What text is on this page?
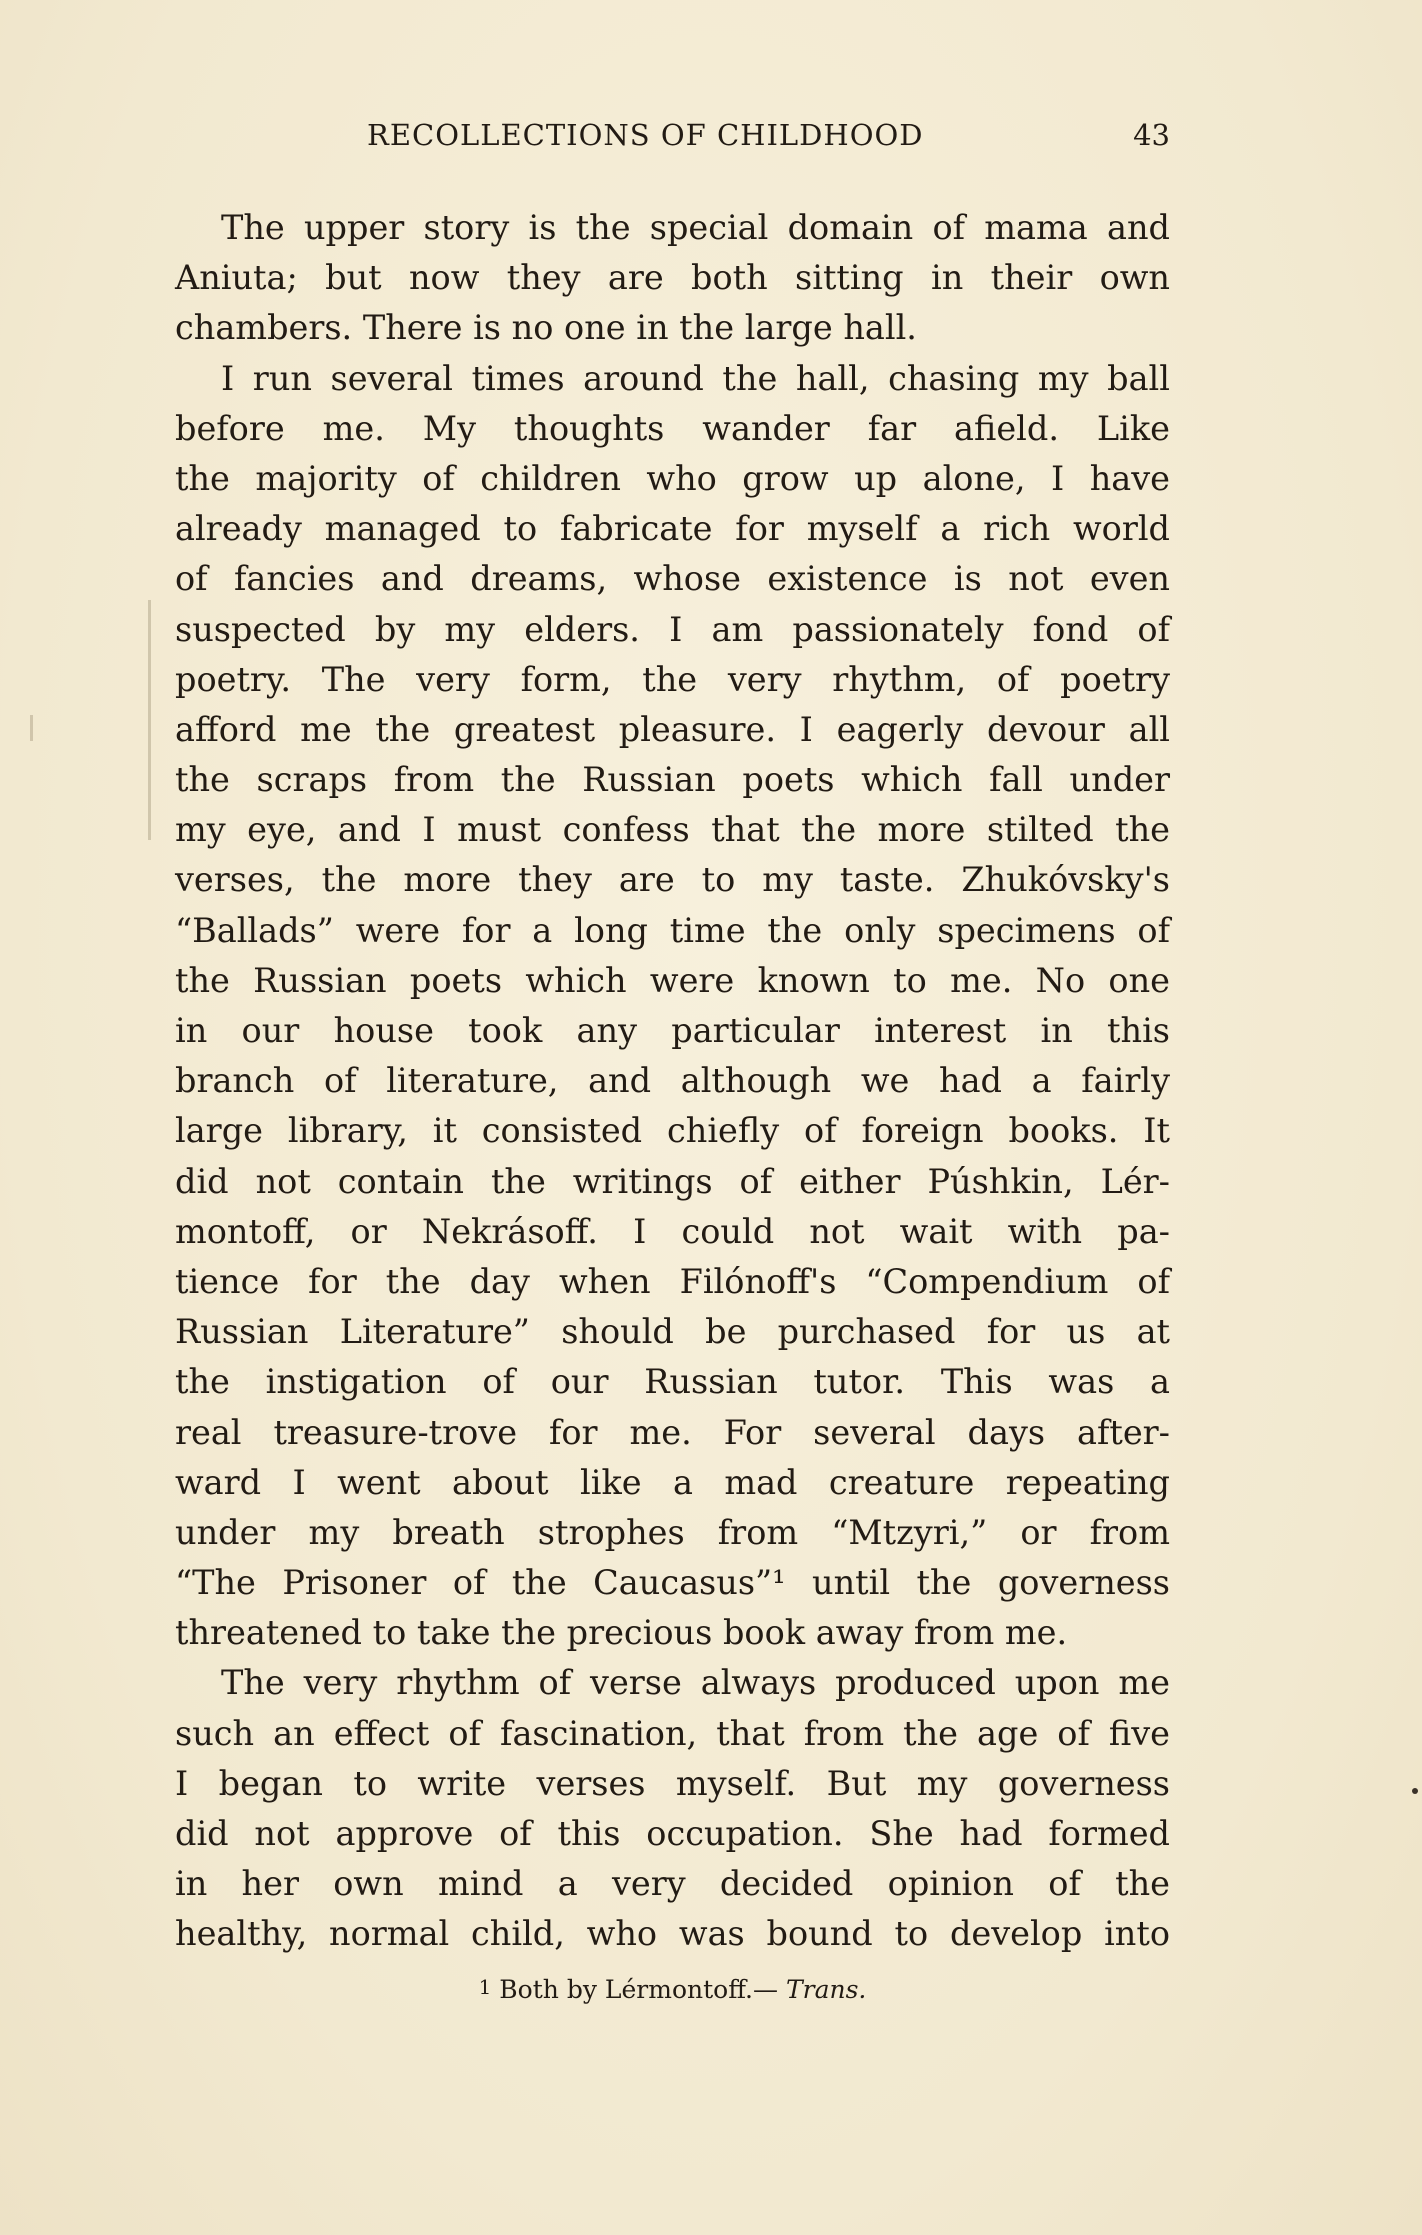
RECOLLECTIONS OF CHILDHOOD	43
The upper story is the special domain of mama and
Aniuta; but now they are both sitting in their own
chambers. There is no one in the large hall.
I run several times around the hall, chasing my ball
before me. My thoughts wander far afield. Like
the majority of children who grow up alone, I have
already managed to fabricate for myself a rich world
of fancies and dreams, whose existence is not even
suspected by my elders. I am passionately fond of
poetry. The very form, the very rhythm, of poetry
afford me the greatest pleasure. I eagerly devour all
the scraps from the Russian poets which fall under
my eye, and I must confess that the more stilted the
verses, the more they are to my taste. Zhukóvsky's
“Ballads” were for a long time the only specimens of
the Russian poets which were known to me. No one
in our house took any particular interest in this
branch of literature, and although we had a fairly
large library, it consisted chiefly of foreign books. It
did not contain the writings of either Púshkin, Lér-
montoff, or Nekrásoff. I could not wait with pa-
tience for the day when Filónoff's “Compendium of
Russian Literature” should be purchased for us at
the instigation of our Russian tutor. This was a
real treasure-trove for me. For several days after-
ward I went about like a mad creature repeating
under my breath strophes from “Mtzyri,” or from
“The Prisoner of the Caucasus”¹ until the governess
threatened to take the precious book away from me.
The very rhythm of verse always produced upon me
such an effect of fascination, that from the age of five
I began to write verses myself. But my governess
did not approve of this occupation. She had formed
in her own mind a very decided opinion of the
healthy, normal child, who was bound to develop into
1 Both by Lérmontoff.— Trans.
